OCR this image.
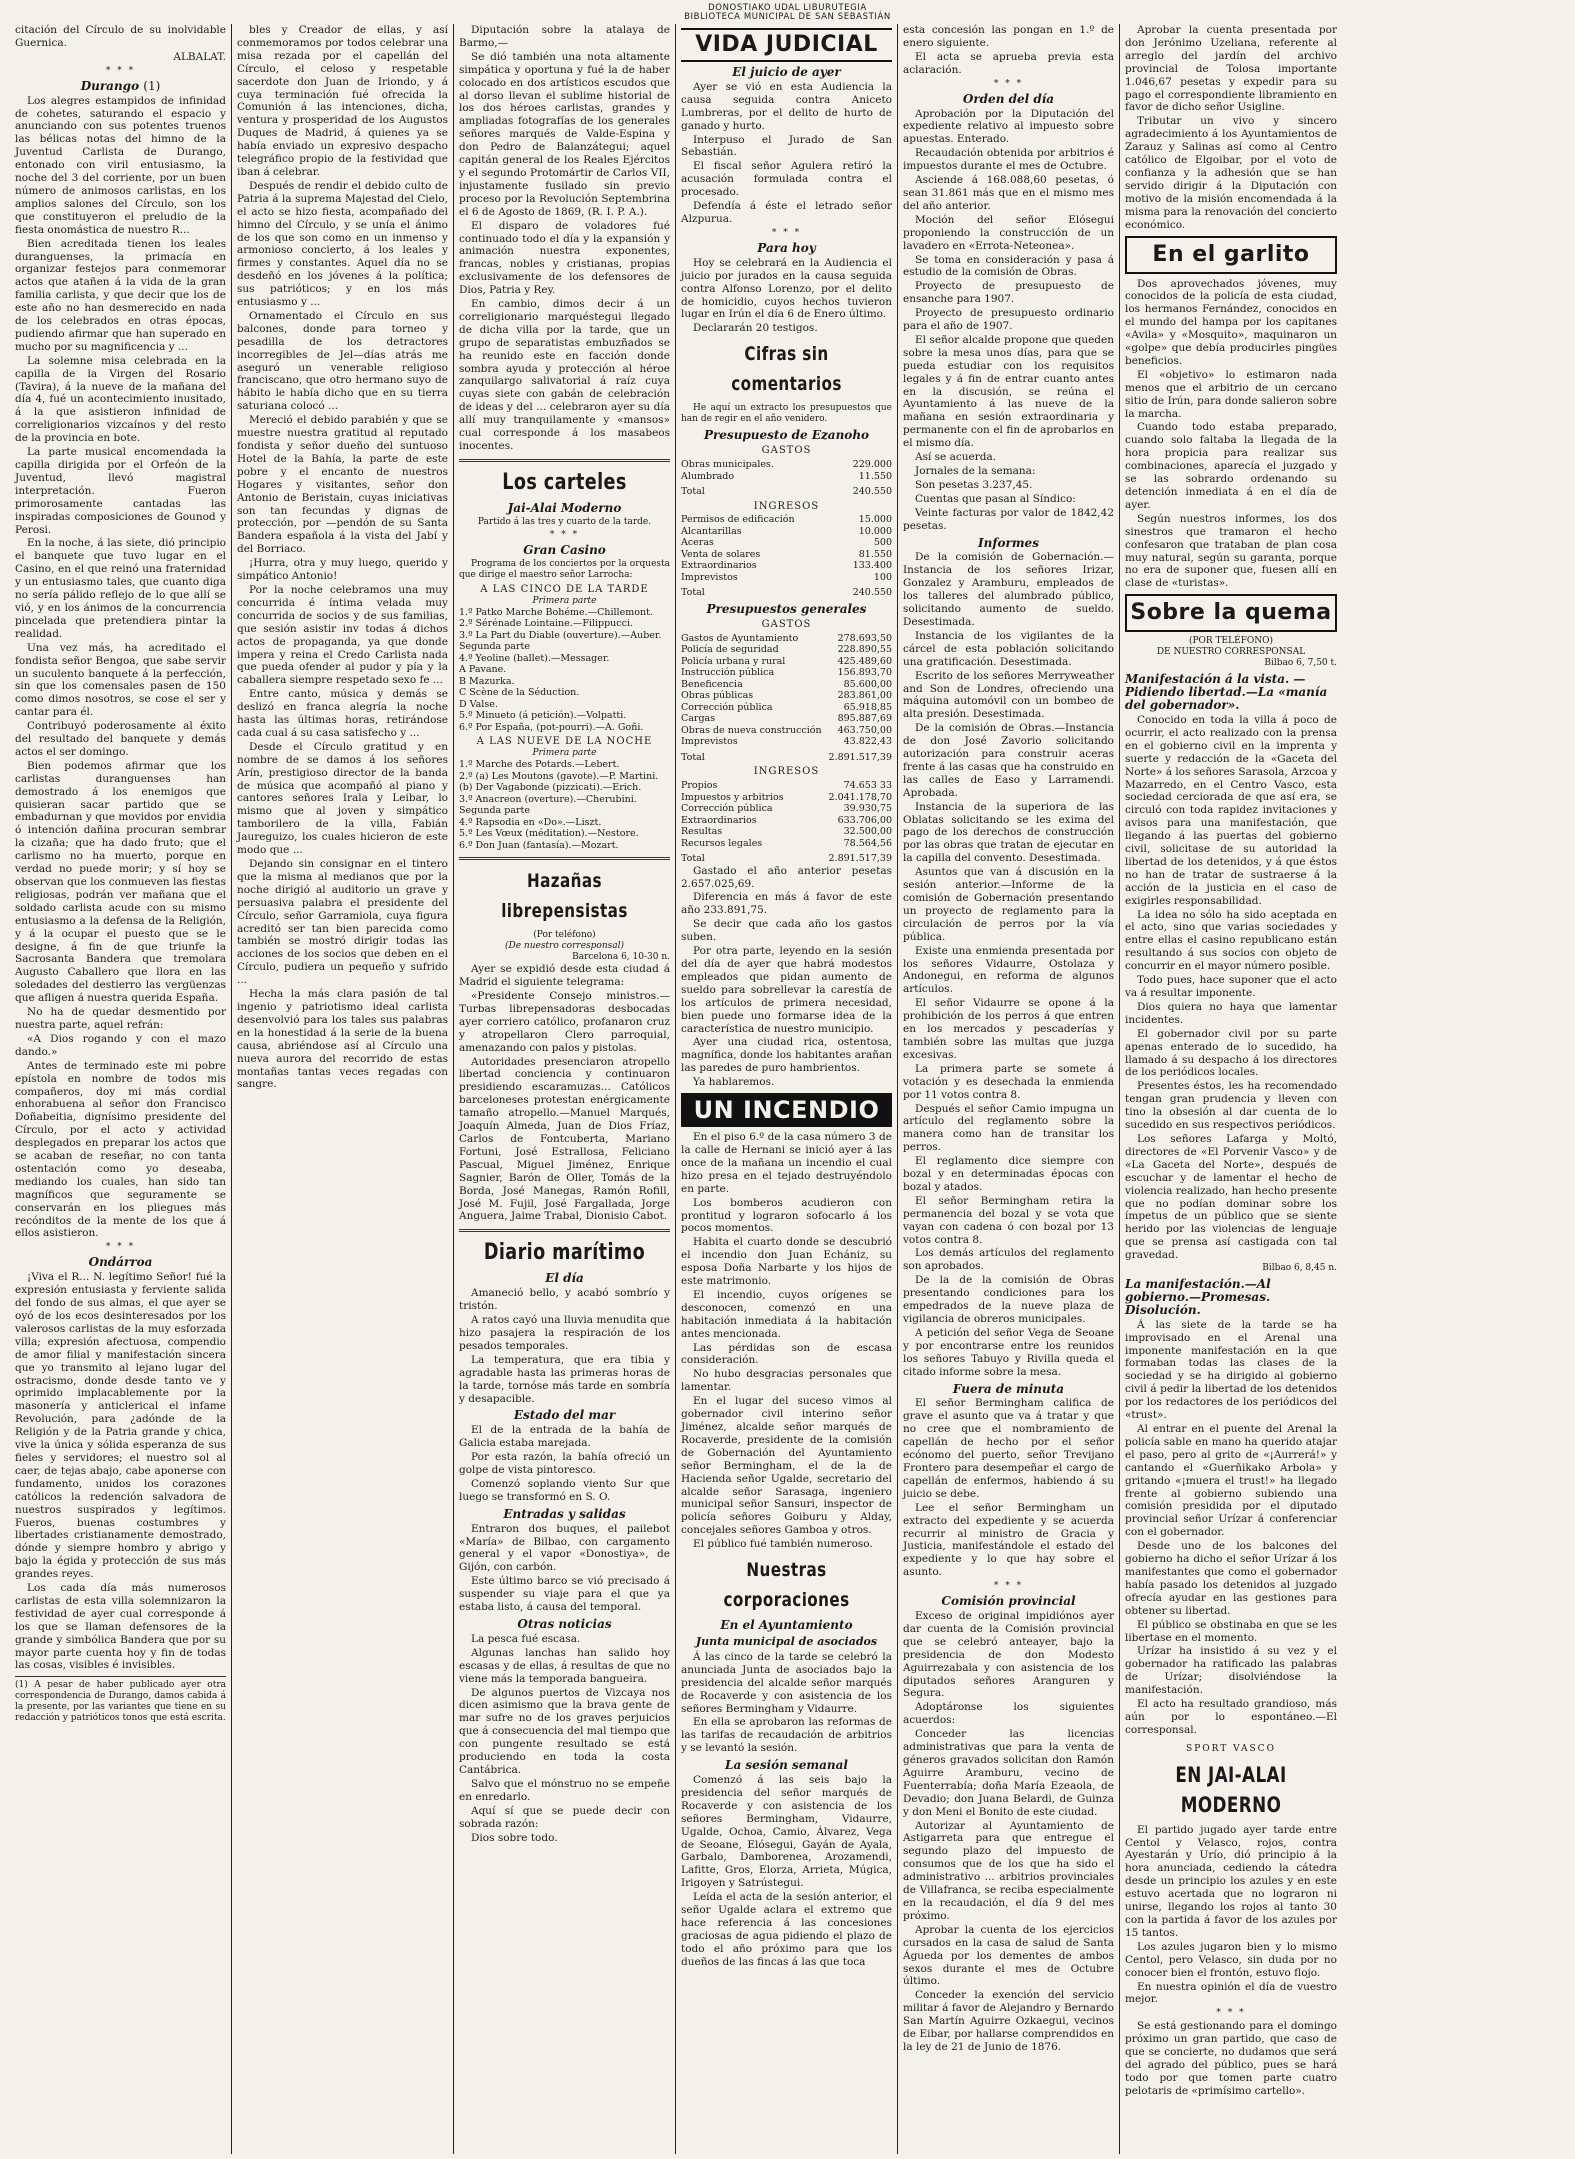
DONOSTIAKO UDAL LIBURUTEGIA
BIBLIOTECA MUNICIPAL DE SAN SEBASTIÁN

citación del Círculo de su inolvidable Guernica.

ALBALAT.
* * *
Durango (1)

Los alegres estampidos de infinidad de cohetes, saturando el espacio y anunciando con sus potentes truenos las bélicas notas del himno de la Juventud Carlista de Durango, entonado con viril entusiasmo, la noche del 3 del corriente, por un buen número de animosos carlistas, en los amplios salones del Círculo, son los que constituyeron el preludio de la fiesta onomástica de nuestro R...

Bien acreditada tienen los leales duranguenses, la primacía en organizar festejos para conmemorar actos que atañen á la vida de la gran familia carlista, y que decir que los de este año no han desmerecido en nada de los celebrados en otras épocas, pudiendo afirmar que han superado en mucho por su magnificencia y ...

La solemne misa celebrada en la capilla de la Virgen del Rosario (Tavira), á la nueve de la mañana del día 4, fué un acontecimiento inusitado, á la que asistieron infinidad de correligionarios vizcaínos y del resto de la provincia en bote.

La parte musical encomendada la capilla dirigida por el Orfeón de la Juventud, llevó magistral interpretación. Fueron primorosamente cantadas las inspiradas composiciones de Gounod y Perosi.

En la noche, á las siete, dió principio el banquete que tuvo lugar en el Casino, en el que reinó una fraternidad y un entusiasmo tales, que cuanto diga no sería pálido reflejo de lo que allí se vió, y en los ánimos de la concurrencia pincelada que pretendiera pintar la realidad.

Una vez más, ha acreditado el fondista señor Bengoa, que sabe servir un suculento banquete á la perfección, sin que los comensales pasen de 150 como dimos nosotros, se cose el ser y cantar para él.

Contribuyó poderosamente al éxito del resultado del banquete y demás actos el ser domingo.

Bien podemos afirmar que los carlistas duranguenses han demostrado á los enemigos que quisieran sacar partido que se embadurnan y que movidos por envidia ó intención dañina procuran sembrar la cizaña; que ha dado fruto; que el carlismo no ha muerto, porque en verdad no puede morir; y sí hoy se observan que los conmueven las fiestas religiosas, podrán ver mañana que el soldado carlista acude con su mismo entusiasmo a la defensa de la Religión, y á la ocupar el puesto que se le designe, á fin de que triunfe la Sacrosanta Bandera que tremolara Augusto Caballero que llora en las soledades del destierro las vergüenzas que afligen á nuestra querida España.

No ha de quedar desmentido por nuestra parte, aquel refrán:

«A Dios rogando y con el mazo dando.»

Antes de terminado este mi pobre epístola en nombre de todos mis compañeros, doy mi más cordial enhorabuena al señor don Francisco Doñabeitia, dignísimo presidente del Círculo, por el acto y actividad desplegados en preparar los actos que se acaban de reseñar, no con tanta ostentación como yo deseaba, mediando los cuales, han sido tan magníficos que seguramente se conservarán en los pliegues más recónditos de la mente de los que á ellos asistieron.

* * *
Ondárroa

¡Viva el R... N. legítimo Señor! fué la expresión entusiasta y ferviente salida del fondo de sus almas, el que ayer se oyó de los ecos desinteresados por los valerosos carlistas de la muy esforzada villa; expresión afectuosa, compendio de amor filial y manifestación sincera que yo transmito al lejano lugar del ostracismo, donde desde tanto ve y oprimido implacablemente por la masonería y anticlerical el infame Revolución, para ¿adónde de la Religión y de la Patria grande y chica, vive la única y sólida esperanza de sus fieles y servidores; el nuestro sol al caer, de tejas abajo, cabe aponerse con fundamento, unidos los corazones católicos la redención salvadora de nuestros suspirados y legítimos. Fueros, buenas costumbres y libertades cristianamente demostrado, dónde y siempre hombro y abrigo y bajo la égida y protección de sus más grandes reyes.

Los cada día más numerosos carlistas de esta villa solemnizaron la festividad de ayer cual corresponde á los que se llaman defensores de la grande y simbólica Bandera que por su mayor parte cuenta hoy y fin de todas las cosas, visibles é invisibles.

(1) A pesar de haber publicado ayer otra correspondencia de Durango, damos cabida á la presente, por las variantes que tiene en su redacción y patrióticos tonos que está escrita.

bles y Creador de ellas, y así conmemoramos por todos celebrar una misa rezada por el capellán del Círculo, el celoso y respetable sacerdote don Juan de Iriondo, y á cuya terminación fué ofrecida la Comunión á las intenciones, dicha, ventura y prosperidad de los Augustos Duques de Madrid, á quienes ya se había enviado un expresivo despacho telegráfico propio de la festividad que iban á celebrar.

Después de rendir el debido culto de Patria á la suprema Majestad del Cielo, el acto se hizo fiesta, acompañado del himno del Círculo, y se unía el ánimo de los que son como en un inmenso y armonioso concierto, á los leales y firmes y constantes. Aquel día no se desdeñó en los jóvenes á la política; sus patrióticos; y en los más entusiasmo y ...

Ornamentado el Círculo en sus balcones, donde para torneo y pesadilla de los detractores incorregibles de Jel—días atrás me aseguró un venerable religioso franciscano, que otro hermano suyo de hábito le había dicho que en su tierra saturiana colocó ...

Mereció el debido parabién y que se muestre nuestra gratitud al reputado fondista y señor dueño del suntuoso Hotel de la Bahía, la parte de este pobre y el encanto de nuestros Hogares y visitantes, señor don Antonio de Beristain, cuyas iniciativas son tan fecundas y dignas de protección, por —pendón de su Santa Bandera española á la vista del Jabí y del Borriaco.

¡Hurra, otra y muy luego, querido y simpático Antonio!

Por la noche celebramos una muy concurrida é íntima velada muy concurrida de socios y de sus familias, que sesión asistir inv todas á dichos actos de propaganda, ya que donde impera y reina el Credo Carlista nada que pueda ofender al pudor y pía y la caballera siempre respetado sexo fe ...

Entre canto, música y demás se deslizó en franca alegría la noche hasta las últimas horas, retirándose cada cual á su casa satisfecho y ...

Desde el Círculo gratitud y en nombre de se damos á los señores Arín, prestigioso director de la banda de música que acompañó al piano y cantores señores Irala y Leibar, lo mismo que al joven y simpático tamborilero de la villa, Fabián Jaureguizo, los cuales hicieron de este modo que ...

Dejando sin consignar en el tintero que la misma al medianos que por la noche dirigió al auditorio un grave y persuasiva palabra el presidente del Círculo, señor Garramiola, cuya figura acreditó ser tan bien parecida como también se mostró dirigir todas las acciones de los socios que deben en el Círculo, pudiera un pequeño y sufrido ...

Hecha la más clara pasión de tal ingenio y patriotismo ideal carlista desenvolvió para los tales sus palabras en la honestidad á la serie de la buena causa, abriéndose así al Círculo una nueva aurora del recorrido de estas montañas tantas veces regadas con sangre.

Diputación sobre la atalaya de Barmo,—

Se dió también una nota altamente simpática y oportuna y fué la de haber colocado en dos artísticos escudos que al dorso llevan el sublime historial de los dos héroes carlistas, grandes y ampliadas fotografías de los generales señores marqués de Valde-Espina y don Pedro de Balanzátegui; aquel capitán general de los Reales Ejércitos y el segundo Protomártir de Carlos VII, injustamente fusilado sin previo proceso por la Revolución Septembrina el 6 de Agosto de 1869, (R. I. P. A.).

El disparo de voladores fué continuado todo el día y la expansión y animación nuestra exponentes, francas, nobles y cristianas, propias exclusivamente de los defensores de Dios, Patria y Rey.

En cambio, dimos decir á un correligionario marquéstegui llegado de dicha villa por la tarde, que un grupo de separatistas embuzñados se ha reunido este en facción donde sombra ayuda y protección al héroe zanquilargo salivatorial á raíz cuya cuyas siete con gabán de celebración de ideas y del ... celebraron ayer su día allí muy tranquilamente y «mansos» cual corresponde á los masabeos inocentes.

Los carteles
Jai-Alai Moderno

Partido á las tres y cuarto de la tarde.

* * *
Gran Casino

Programa de los conciertos por la orquesta que dirige el maestro señor Larrocha:

A LAS CINCO DE LA TARDE
Primera parte
1.º Patko Marche Bohéme.—Chillemont.
2.º Sérénade Lointaine.—Filippucci.
3.º La Part du Diable (ouverture).—Auber.
Segunda parte
4.º Yeoline (ballet).—Messager.
A Pavane.
B Mazurka.
C Scène de la Séduction.
D Valse.
5.º Minueto (á petición).—Volpatti.
6.º Por España, (pot-pourri).—A. Goñi.
A LAS NUEVE DE LA NOCHE
Primera parte
1.º Marche des Potards.—Lebert.
2.º (a) Les Moutons (gavote).—P. Martini.
(b) Der Vagabonde (pizzicati).—Erich.
3.º Anacreon (overture).—Cherubini.
Segunda parte
4.º Rapsodia en «Do».—Liszt.
5.º Les Vœux (méditation).—Nestore.
6.º Don Juan (fantasía).—Mozart.
Hazañas librepensistas
(Por teléfono)
(De nuestro corresponsal)
Barcelona 6, 10-30 n.

Ayer se expidió desde esta ciudad á Madrid el siguiente telegrama:

«Presidente Consejo ministros.—Turbas librepensadoras desbocadas ayer corriero católico, profanaron cruz y atropellaron Clero parroquial, amenazando con palos y pistolas.

Autoridades presenciaron atropello libertad conciencia y continuaron presidiendo escaramuzas... Católicos barceloneses protestan enérgicamente tamaño atropello.—Manuel Marqués, Joaquín Almeda, Juan de Dios Fríaz, Carlos de Fontcuberta, Mariano Fortuni, José Estrallosa, Feliciano Pascual, Miguel Jiménez, Enrique Sagnier, Barón de Oller, Tomás de la Borda, José Manegas, Ramón Rofill, José M. Fujil, José Fargallada, Jorge Anguera, Jaime Trabal, Dionisio Cabot.

Diario marítimo
El día

Amaneció bello, y acabó sombrío y tristón.

A ratos cayó una lluvia menudita que hizo pasajera la respiración de los pesados temporales.

La temperatura, que era tibia y agradable hasta las primeras horas de la tarde, tornóse más tarde en sombría y desapacible.

Estado del mar

El de la entrada de la bahía de Galicia estaba marejada.

Por esta razón, la bahía ofreció un golpe de vista pintoresco.

Comenzó soplando viento Sur que luego se transformó en S. O.

Entradas y salidas

Entraron dos buques, el pailebot «María» de Bilbao, con cargamento general y el vapor «Donostiya», de Gijón, con carbón.

Este último barco se vió precisado á suspender su viaje para el que ya estaba listo, á causa del temporal.

Otras noticias

La pesca fué escasa.

Algunas lanchas han salido hoy escasas y de ellas, á resultas de que no viene más la temporada bangueira.

De algunos puertos de Vizcaya nos dicen asimismo que la brava gente de mar sufre no de los graves perjuicios que á consecuencia del mal tiempo que con pungente resultado se está produciendo en toda la costa Cantábrica.

Salvo que el mónstruo no se empeñe en enredarlo.

Aquí sí que se puede decir con sobrada razón:

Dios sobre todo.

VIDA JUDICIAL
El juicio de ayer

Ayer se vió en esta Audiencia la causa seguida contra Aniceto Lumbreras, por el delito de hurto de ganado y hurto.

Interpuso el Jurado de San Sebastián.

El fiscal señor Agulera retiró la acusación formulada contra el procesado.

Defendía á éste el letrado señor Alzpurua.

* * *
Para hoy

Hoy se celebrará en la Audiencia el juicio por jurados en la causa seguida contra Alfonso Lorenzo, por el delito de homicidio, cuyos hechos tuvieron lugar en Irún el día 6 de Enero último.

Declararán 20 testigos.

Cifras sin comentarios

He aquí un extracto los presupuestos que han de regir en el año venidero.

Presupuesto de Ezanoho
GASTOS
Obras municipales.	229.000
Alumbrado	11.550
Total	240.550
INGRESOS
Permisos de edificación	15.000
Alcantarillas	10.000
Aceras	500
Venta de solares	81.550
Extraordinarios	133.400
Imprevistos	100
Total	240.550
Presupuestos generales
GASTOS
Gastos de Ayuntamiento	278.693,50
Policía de seguridad	228.890,55
Policía urbana y rural	425.489,60
Instrucción pública	156.893,70
Beneficencia	85.600,00
Obras públicas	283.861,00
Corrección pública	65.918,85
Cargas	895.887,69
Obras de nueva construcción	463.750,00
Imprevistos	43.822,43
Total	2.891.517,39
INGRESOS
Propios	74.653 33
Impuestos y arbitrios	2.041.178,70
Corrección pública	39.930,75
Extraordinarios	633.706,00
Resultas	32.500,00
Recursos legales	78.564,56
Total	2.891.517,39

Gastado el año anterior pesetas 2.657.025,69.

Diferencia en más á favor de este año 233.891,75.

Se decir que cada año los gastos suben.

Por otra parte, leyendo en la sesión del día de ayer que habrá modestos empleados que pidan aumento de sueldo para sobrellevar la carestía de los artículos de primera necesidad, bien puede uno formarse idea de la característica de nuestro municipio.

Ayer una ciudad rica, ostentosa, magnífica, donde los habitantes arañan las paredes de puro hambrientos.

Ya hablaremos.

UN INCENDIO

En el piso 6.º de la casa número 3 de la calle de Hernani se inició ayer á las once de la mañana un incendio el cual hizo presa en el tejado destruyéndolo en parte.

Los bomberos acudieron con prontitud y lograron sofocarlo á los pocos momentos.

Habita el cuarto donde se descubrió el incendio don Juan Echániz, su esposa Doña Narbarte y los hijos de este matrimonio.

El incendio, cuyos orígenes se desconocen, comenzó en una habitación inmediata á la habitación antes mencionada.

Las pérdidas son de escasa consideración.

No hubo desgracias personales que lamentar.

En el lugar del suceso vimos al gobernador civil interino señor Jiménez, alcalde señor marqués de Rocaverde, presidente de la comisión de Gobernación del Ayuntamiento señor Bermingham, el de la de Hacienda señor Ugalde, secretario del alcalde señor Sarasaga, ingeniero municipal señor Sansuri, inspector de policía señores Goiburu y Alday, concejales señores Gamboa y otros.

El público fué también numeroso.

Nuestras corporaciones
En el Ayuntamiento
Junta municipal de asociados

Á las cinco de la tarde se celebró la anunciada Junta de asociados bajo la presidencia del alcalde señor marqués de Rocaverde y con asistencia de los señores Bermingham y Vidaurre.

En ella se aprobaron las reformas de las tarifas de recaudación de arbitrios y se levantó la sesión.

La sesión semanal

Comenzó á las seis bajo la presidencia del señor marqués de Rocaverde y con asistencia de los señores Bermingham, Vidaurre, Ugalde, Ochoa, Camio, Álvarez, Vega de Seoane, Elósegui, Gayán de Ayala, Garbalo, Damborenea, Arozamendi, Lafitte, Gros, Elorza, Arrieta, Múgica, Irigoyen y Satrústegui.

Leída el acta de la sesión anterior, el señor Ugalde aclara el extremo que hace referencia á las concesiones graciosas de agua pidiendo el plazo de todo el año próximo para que los dueños de las fincas á las que toca

esta concesión las pongan en 1.º de enero siguiente.

El acta se aprueba previa esta aclaración.

* * *
Orden del día

Aprobación por la Diputación del expediente relativo al impuesto sobre apuestas. Enterado.

Recaudación obtenida por arbitrios é impuestos durante el mes de Octubre.

Asciende á 168.088,60 pesetas, ó sean 31.861 más que en el mismo mes del año anterior.

Moción del señor Elósegui proponiendo la construcción de un lavadero en «Errota-Neteonea».

Se toma en consideración y pasa á estudio de la comisión de Obras.

Proyecto de presupuesto de ensanche para 1907.

Proyecto de presupuesto ordinario para el año de 1907.

El señor alcalde propone que queden sobre la mesa unos días, para que se pueda estudiar con los requisitos legales y á fin de entrar cuanto antes en la discusión, se reúna el Ayuntamiento á las nueve de la mañana en sesión extraordinaria y permanente con el fin de aprobarlos en el mismo día.

Así se acuerda.

Jornales de la semana:

Son pesetas 3.237,45.

Cuentas que pasan al Síndico:

Veinte facturas por valor de 1842,42 pesetas.

Informes

De la comisión de Gobernación.—Instancia de los señores Irizar, Gonzalez y Aramburu, empleados de los talleres del alumbrado público, solicitando aumento de sueldo. Desestimada.

Instancia de los vigilantes de la cárcel de esta población solicitando una gratificación. Desestimada.

Escrito de los señores Merryweather and Son de Londres, ofreciendo una máquina automóvil con un bombeo de alta presión. Desestimada.

De la comisión de Obras.—Instancia de don José Zavorio solicitando autorización para construir aceras frente á las casas que ha construido en las calles de Easo y Larramendi. Aprobada.

Instancia de la superiora de las Oblatas solicitando se les exima del pago de los derechos de construcción por las obras que tratan de ejecutar en la capilla del convento. Desestimada.

Asuntos que van á discusión en la sesión anterior.—Informe de la comisión de Gobernación presentando un proyecto de reglamento para la circulación de perros por la vía pública.

Existe una enmienda presentada por los señores Vidaurre, Ostolaza y Andonegui, en reforma de algunos artículos.

El señor Vidaurre se opone á la prohibición de los perros á que entren en los mercados y pescaderías y también sobre las multas que juzga excesivas.

La primera parte se somete á votación y es desechada la enmienda por 11 votos contra 8.

Después el señor Camio impugna un artículo del reglamento sobre la manera como han de transitar los perros.

El reglamento dice siempre con bozal y en determinadas épocas con bozal y atados.

El señor Bermingham retira la permanencia del bozal y se vota que vayan con cadena ó con bozal por 13 votos contra 8.

Los demás artículos del reglamento son aprobados.

De la de la comisión de Obras presentando condiciones para los empedrados de la nueve plaza de vigilancia de obreros municipales.

A petición del señor Vega de Seoane y por encontrarse entre los reunidos los señores Tabuyo y Rivilla queda el citado informe sobre la mesa.

Fuera de minuta

El señor Bermingham califica de grave el asunto que va á tratar y que no cree que el nombramiento de capellán de hecho por el señor ecónomo del puerto, señor Trevijano Frontero para desempeñar el cargo de capellán de enfermos, habiendo á su juicio se debe.

Lee el señor Bermingham un extracto del expediente y se acuerda recurrir al ministro de Gracia y Justicia, manifestándole el estado del expediente y lo que hay sobre el asunto.

* * *
Comisión provincial

Exceso de original impidiónos ayer dar cuenta de la Comisión provincial que se celebró anteayer, bajo la presidencia de don Modesto Aguirrezabala y con asistencia de los diputados señores Aranguren y Segura.

Adoptáronse los siguientes acuerdos:

Conceder las licencias administrativas que para la venta de géneros gravados solicitan don Ramón Aguirre Aramburu, vecino de Fuenterrabía; doña María Ezeaola, de Devadio; don Juana Belardi, de Guinza y don Meni el Bonito de este ciudad.

Autorizar al Ayuntamiento de Astigarreta para que entregue el segundo plazo del impuesto de consumos que de los que ha sido el administrativo ... arbitrios provinciales de Villafranca, se reciba especialmente en la recaudación, el día 9 del mes próximo.

Aprobar la cuenta de los ejercicios cursados en la casa de salud de Santa Águeda por los dementes de ambos sexos durante el mes de Octubre último.

Conceder la exención del servicio militar á favor de Alejandro y Bernardo San Martín Aguirre Ozkaegui, vecinos de Eibar, por hallarse comprendidos en la ley de 21 de Junio de 1876.

Aprobar la cuenta presentada por don Jerónimo Uzeliana, referente al arreglo del jardín del archivo provincial de Tolosa importante 1.046,67 pesetas y expedir para su pago el correspondiente libramiento en favor de dicho señor Usigline.

Tributar un vivo y sincero agradecimiento á los Ayuntamientos de Zarauz y Salinas así como al Centro católico de Elgoibar, por el voto de confianza y la adhesión que se han servido dirigir á la Diputación con motivo de la misión encomendada á la misma para la renovación del concierto económico.

En el garlito

Dos aprovechados jóvenes, muy conocidos de la policía de esta ciudad, los hermanos Fernández, conocidos en el mundo del hampa por los capitanes «Avila» y «Mosquito», maquinaron un «golpe» que debía producirles pingües beneficios.

El «objetivo» lo estimaron nada menos que el arbitrio de un cercano sitio de Irún, para donde salieron sobre la marcha.

Cuando todo estaba preparado, cuando solo faltaba la llegada de la hora propicia para realizar sus combinaciones, aparecía el juzgado y se las sobrardo ordenando su detención inmediata á en el día de ayer.

Según nuestros informes, los dos sinestros que tramaron el hecho confesaron que trataban de plan cosa muy natural, según su garanta, porque no era de suponer que, fuesen allí en clase de «turistas».

Sobre la quema
(POR TELÉFONO)
DE NUESTRO CORRESPONSAL
Bilbao 6, 7,50 t.
Manifestación á la vista. —Pidiendo libertad.—La «manía del gobernador».

Conocido en toda la villa á poco de ocurrir, el acto realizado con la prensa en el gobierno civil en la imprenta y suerte y redacción de la «Gaceta del Norte» á los señores Sarasola, Arzcoa y Mazarredo, en el Centro Vasco, esta sociedad cerciorada de que así era, se circuló con toda rapidez invitaciones y avisos para una manifestación, que llegando á las puertas del gobierno civil, solicitase de su autoridad la libertad de los detenidos, y á que éstos no han de tratar de sustraerse á la acción de la justicia en el caso de exigirles responsabilidad.

La idea no sólo ha sido aceptada en el acto, sino que varias sociedades y entre ellas el casino republicano están resultando á sus socios con objeto de concurrir en el mayor número posible.

Todo pues, hace suponer que el acto va á resultar imponente.

Dios quiera no haya que lamentar incidentes.

El gobernador civil por su parte apenas enterado de lo sucedido, ha llamado á su despacho á los directores de los periódicos locales.

Presentes éstos, les ha recomendado tengan gran prudencia y lleven con tino la obsesión al dar cuenta de lo sucedido en sus respectivos periódicos.

Los señores Lafarga y Moltó, directores de «El Porvenir Vasco» y de «La Gaceta del Norte», después de escuchar y de lamentar el hecho de violencia realizado, han hecho presente que no podían dominar sobre los ímpetus de un público que se siente herido por las violencias de lenguaje que se prensa así castigada con tal gravedad.

Bilbao 6, 8,45 n.
La manifestación.—Al gobierno.—Promesas. Disolución.

Á las siete de la tarde se ha improvisado en el Arenal una imponente manifestación en la que formaban todas las clases de la sociedad y se ha dirigido al gobierno civil á pedir la libertad de los detenidos por los redactores de los periódicos del «trust».

Al entrar en el puente del Arenal la policía sable en mano ha querido atajar el paso, pero al grito de «¡Aurrerá!» y cantando el «Guerñikako Arbola» y gritando «¡muera el trust!» ha llegado frente al gobierno subiendo una comisión presidida por el diputado provincial señor Urízar á conferenciar con el gobernador.

Desde uno de los balcones del gobierno ha dicho el señor Urízar á los manifestantes que como el gobernador había pasado los detenidos al juzgado ofrecía ayudar en las gestiones para obtener su libertad.

El público se obstinaba en que se les libertase en el momento.

Urízar ha insistido á su vez y el gobernador ha ratificado las palabras de Urízar; disolviéndose la manifestación.

El acto ha resultado grandioso, más aún por lo espontáneo.—El corresponsal.

SPORT VASCO
EN JAI-ALAI MODERNO

El partido jugado ayer tarde entre Centol y Velasco, rojos, contra Ayestarán y Urío, dió principio á la hora anunciada, cediendo la cátedra desde un principio los azules y en este estuvo acertada que no lograron ni unirse, llegando los rojos al tanto 30 con la partida á favor de los azules por 15 tantos.

Los azules jugaron bien y lo mismo Centol, pero Velasco, sin duda por no conocer bien el frontón, estuvo flojo.

En nuestra opinión el día de vuestro mejor.

* * *

Se está gestionando para el domingo próximo un gran partido, que caso de que se concierte, no dudamos que será del agrado del público, pues se hará todo por que tomen parte cuatro pelotaris de «primísimo cartello».
